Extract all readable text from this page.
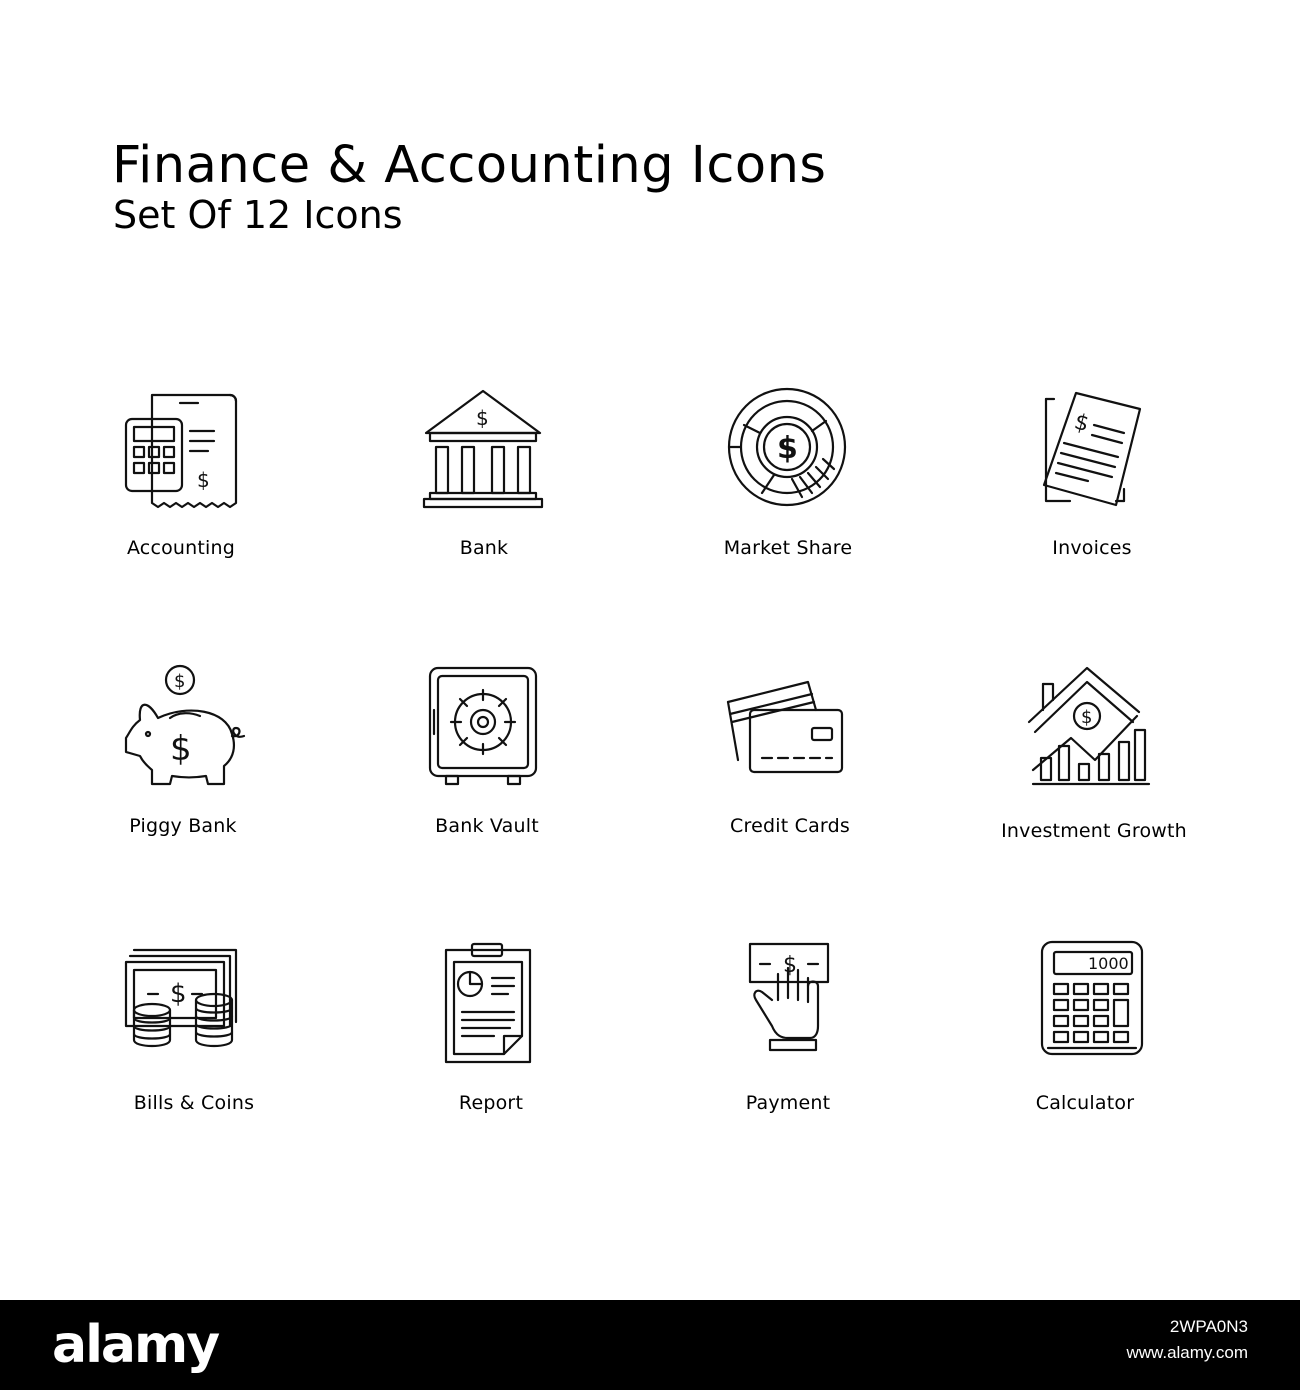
Finance & Accounting Icons
Set Of 12 Icons
$
$
$
$
Accounting	Bank	Market Share	Invoices
$
$
$
Piggy Bank	Bank Vault	Credit Cards	Investment Growth
$
$	1000
Bills & Coins	Report	Payment	Calculator
alamy	2WPA0N3
www.alamy.com
